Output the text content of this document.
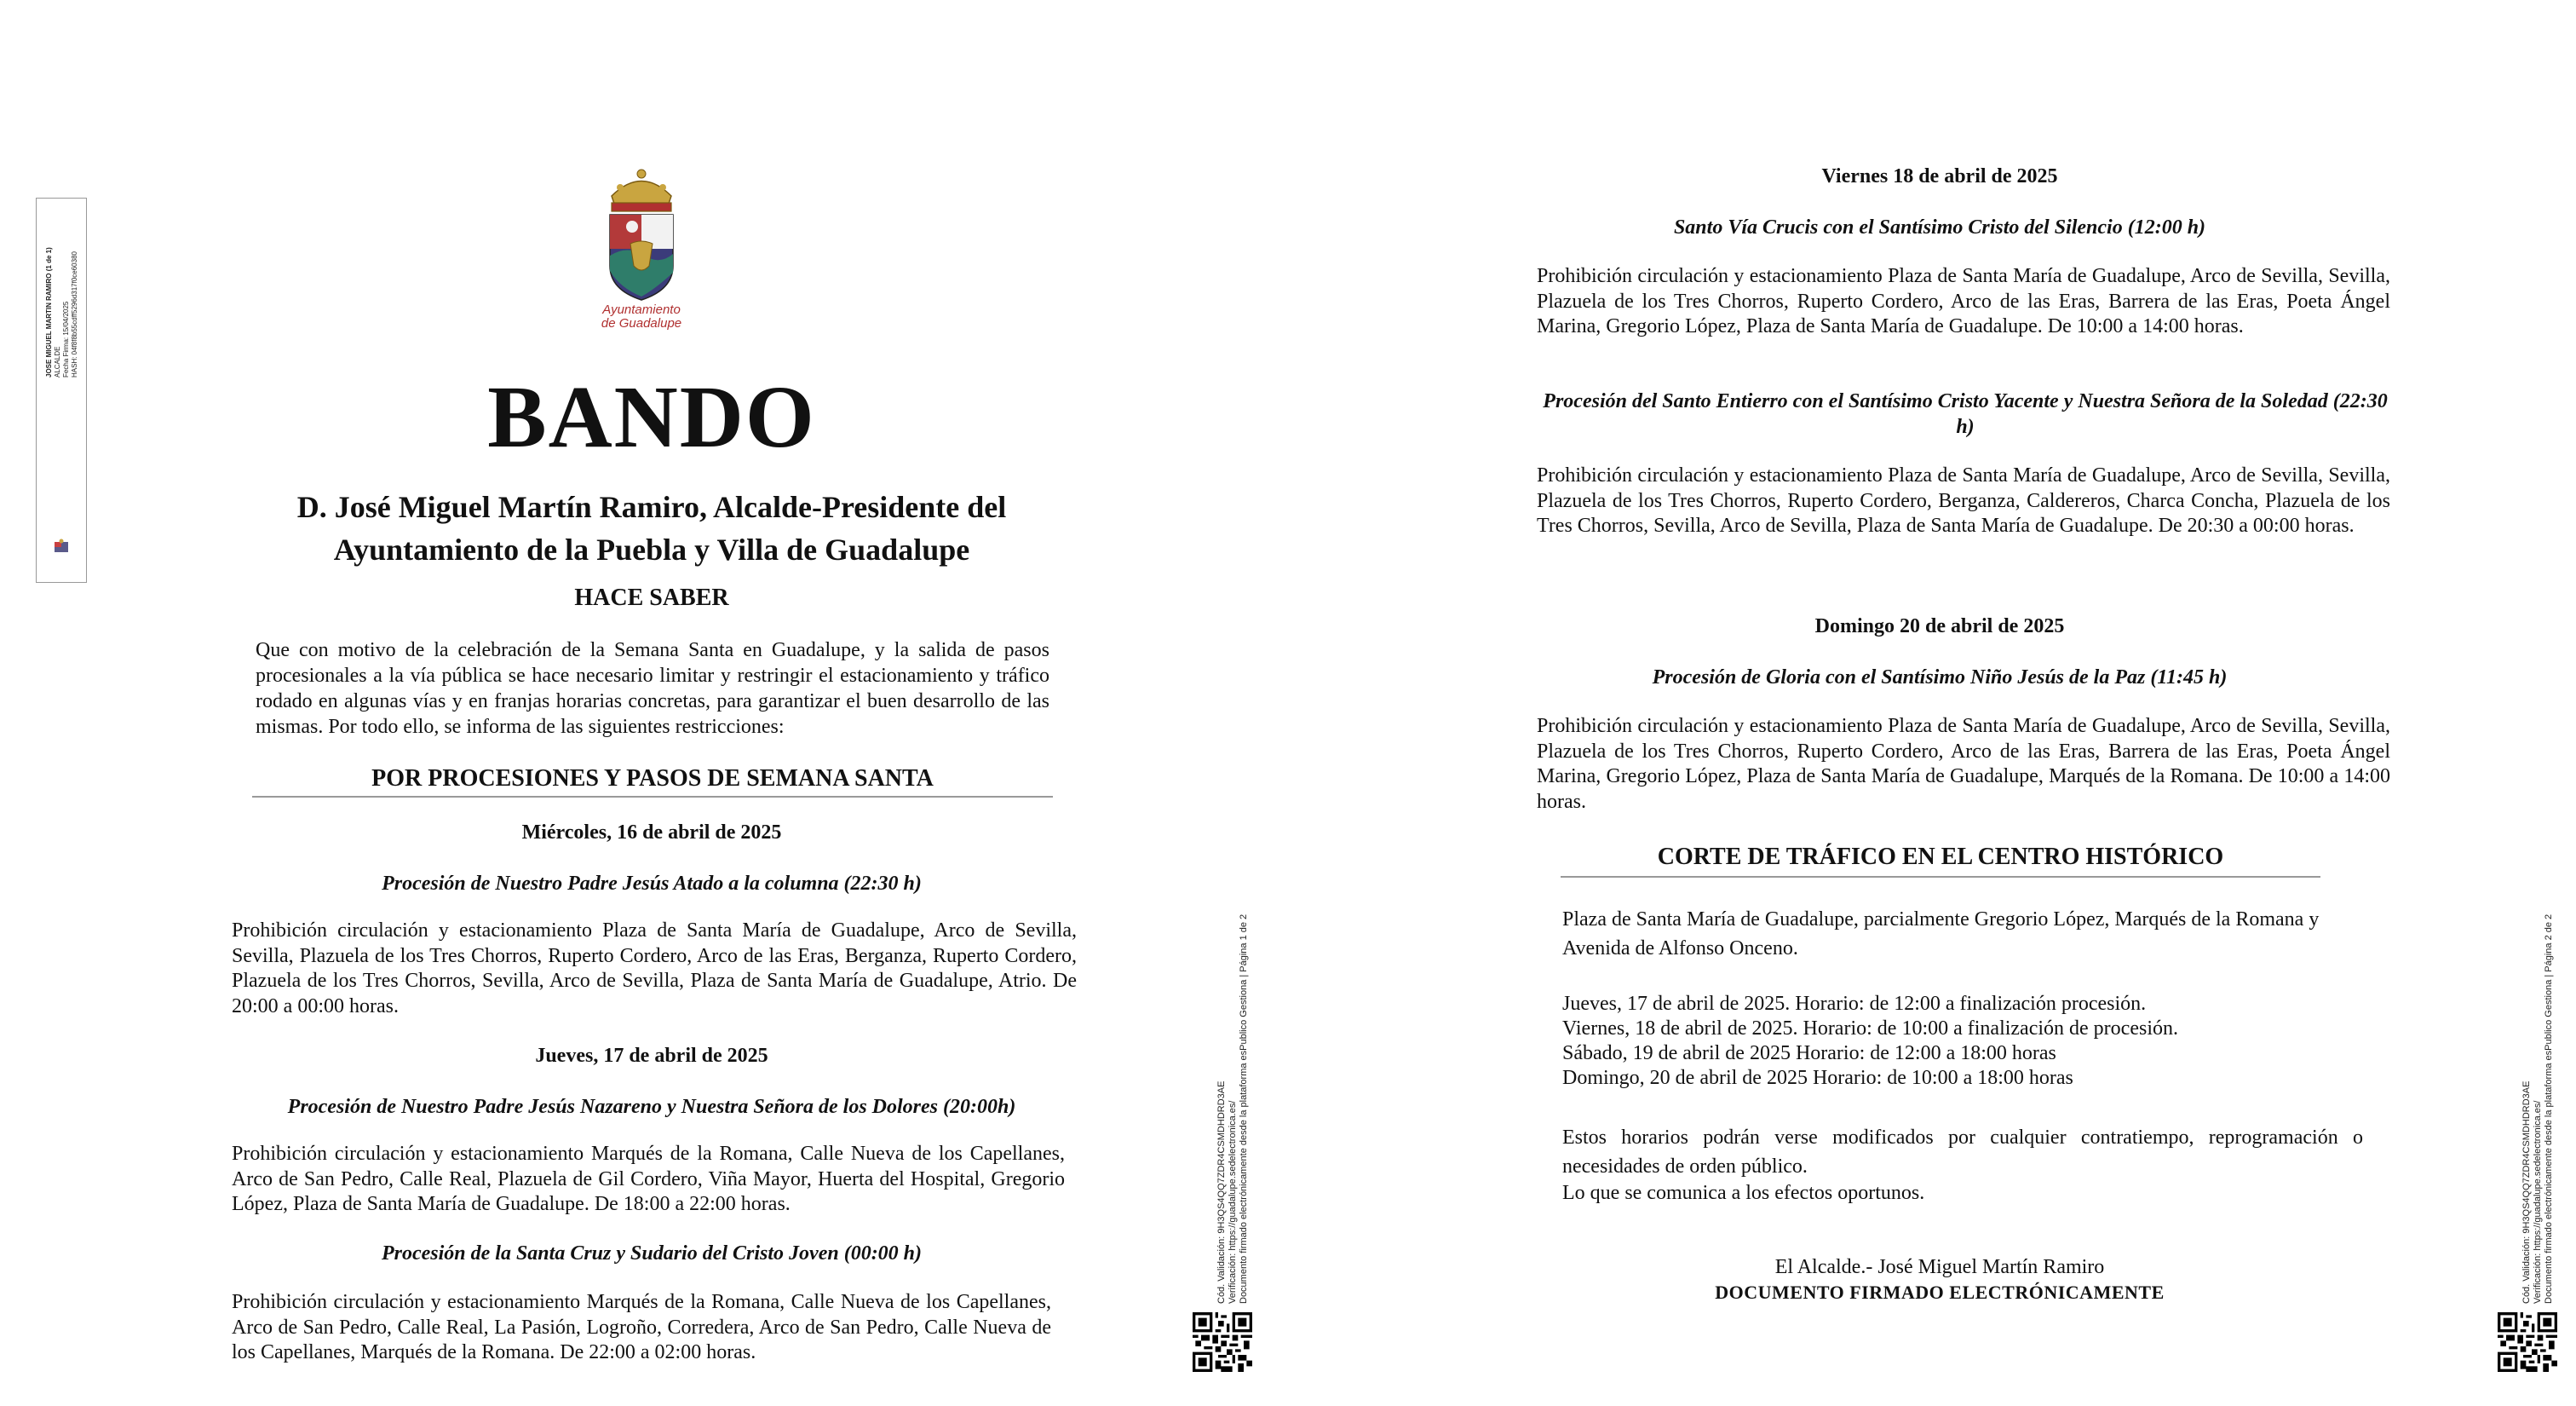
JOSE MIGUEL MARTIN RAMIRO (1 de 1) ALCALDE Fecha Firma: 15/04/2025 HASH: 04f8f8b55cdff5296d317f0ce60380	Ayuntamiento
de Guadalupe
BANDO
D. José Miguel Martín Ramiro, Alcalde-Presidente del
Ayuntamiento de la Puebla y Villa de Guadalupe
HACE SABER
Que con motivo de la celebración de la Semana Santa en Guadalupe, y la salida de pasos procesionales a la vía pública se hace necesario limitar y restringir el estacionamiento y tráfico rodado en algunas vías y en franjas horarias concretas, para garantizar el buen desarrollo de las mismas. Por todo ello, se informa de las siguientes restricciones:
POR PROCESIONES Y PASOS DE SEMANA SANTA
Miércoles, 16 de abril de 2025
Procesión de Nuestro Padre Jesús Atado a la columna (22:30 h)
Prohibición circulación y estacionamiento Plaza de Santa María de Guadalupe, Arco de Sevilla, Sevilla, Plazuela de los Tres Chorros, Ruperto Cordero, Arco de las Eras, Berganza, Ruperto Cordero, Plazuela de los Tres Chorros, Sevilla, Arco de Sevilla, Plaza de Santa María de Guadalupe, Atrio. De 20:00 a 00:00 horas.
Jueves, 17 de abril de 2025
Procesión de Nuestro Padre Jesús Nazareno y Nuestra Señora de los Dolores (20:00h)
Prohibición circulación y estacionamiento Marqués de la Romana, Calle Nueva de los Capellanes, Arco de San Pedro, Calle Real, Plazuela de Gil Cordero, Viña Mayor, Huerta del Hospital, Gregorio López, Plaza de Santa María de Guadalupe. De 18:00 a 22:00 horas.
Procesión de la Santa Cruz y Sudario del Cristo Joven (00:00 h)
Prohibición circulación y estacionamiento Marqués de la Romana, Calle Nueva de los Capellanes, Arco de San Pedro, Calle Real, La Pasión, Logroño, Corredera, Arco de San Pedro, Calle Nueva de los Capellanes, Marqués de la Romana. De 22:00 a 02:00 horas.
Cód. Validación: 9H3QS4QQ7ZDR4CSMDHDRD3AE Verificación: https://guadalupe.sedelectronica.es/ Documento firmado electrónicamente desde la plataforma esPublico Gestiona | Página 1 de 2
Viernes 18 de abril de 2025
Santo Vía Crucis con el Santísimo Cristo del Silencio (12:00 h)
Prohibición circulación y estacionamiento Plaza de Santa María de Guadalupe, Arco de Sevilla, Sevilla, Plazuela de los Tres Chorros, Ruperto Cordero, Arco de las Eras, Barrera de las Eras, Poeta Ángel Marina, Gregorio López, Plaza de Santa María de Guadalupe. De 10:00 a 14:00 horas.
Procesión del Santo Entierro con el Santísimo Cristo Yacente y Nuestra Señora de la Soledad (22:30 h)
Prohibición circulación y estacionamiento Plaza de Santa María de Guadalupe, Arco de Sevilla, Sevilla, Plazuela de los Tres Chorros, Ruperto Cordero, Berganza, Caldereros, Charca Concha, Plazuela de los Tres Chorros, Sevilla, Arco de Sevilla, Plaza de Santa María de Guadalupe. De 20:30 a 00:00 horas.
Domingo 20 de abril de 2025
Procesión de Gloria con el Santísimo Niño Jesús de la Paz (11:45 h)
Prohibición circulación y estacionamiento Plaza de Santa María de Guadalupe, Arco de Sevilla, Sevilla, Plazuela de los Tres Chorros, Ruperto Cordero, Arco de las Eras, Barrera de las Eras, Poeta Ángel Marina, Gregorio López, Plaza de Santa María de Guadalupe, Marqués de la Romana. De 10:00 a 14:00 horas.
CORTE DE TRÁFICO EN EL CENTRO HISTÓRICO
Plaza de Santa María de Guadalupe, parcialmente Gregorio López, Marqués de la Romana y Avenida de Alfonso Onceno.
Jueves, 17 de abril de 2025. Horario: de 12:00 a finalización procesión.
Viernes, 18 de abril de 2025. Horario: de 10:00 a finalización de procesión.
Sábado, 19 de abril de 2025 Horario: de 12:00 a 18:00 horas
Domingo, 20 de abril de 2025 Horario: de 10:00 a 18:00 horas
Estos horarios podrán verse modificados por cualquier contratiempo, reprogramación o necesidades de orden público.
Lo que se comunica a los efectos oportunos.
El Alcalde.- José Miguel Martín Ramiro
DOCUMENTO FIRMADO ELECTRÓNICAMENTE	Cód. Validación: 9H3QS4QQ7ZDR4CSMDHDRD3AE Verificación: https://guadalupe.sedelectronica.es/ Documento firmado electrónicamente desde la plataforma esPublico Gestiona | Página 2 de 2
